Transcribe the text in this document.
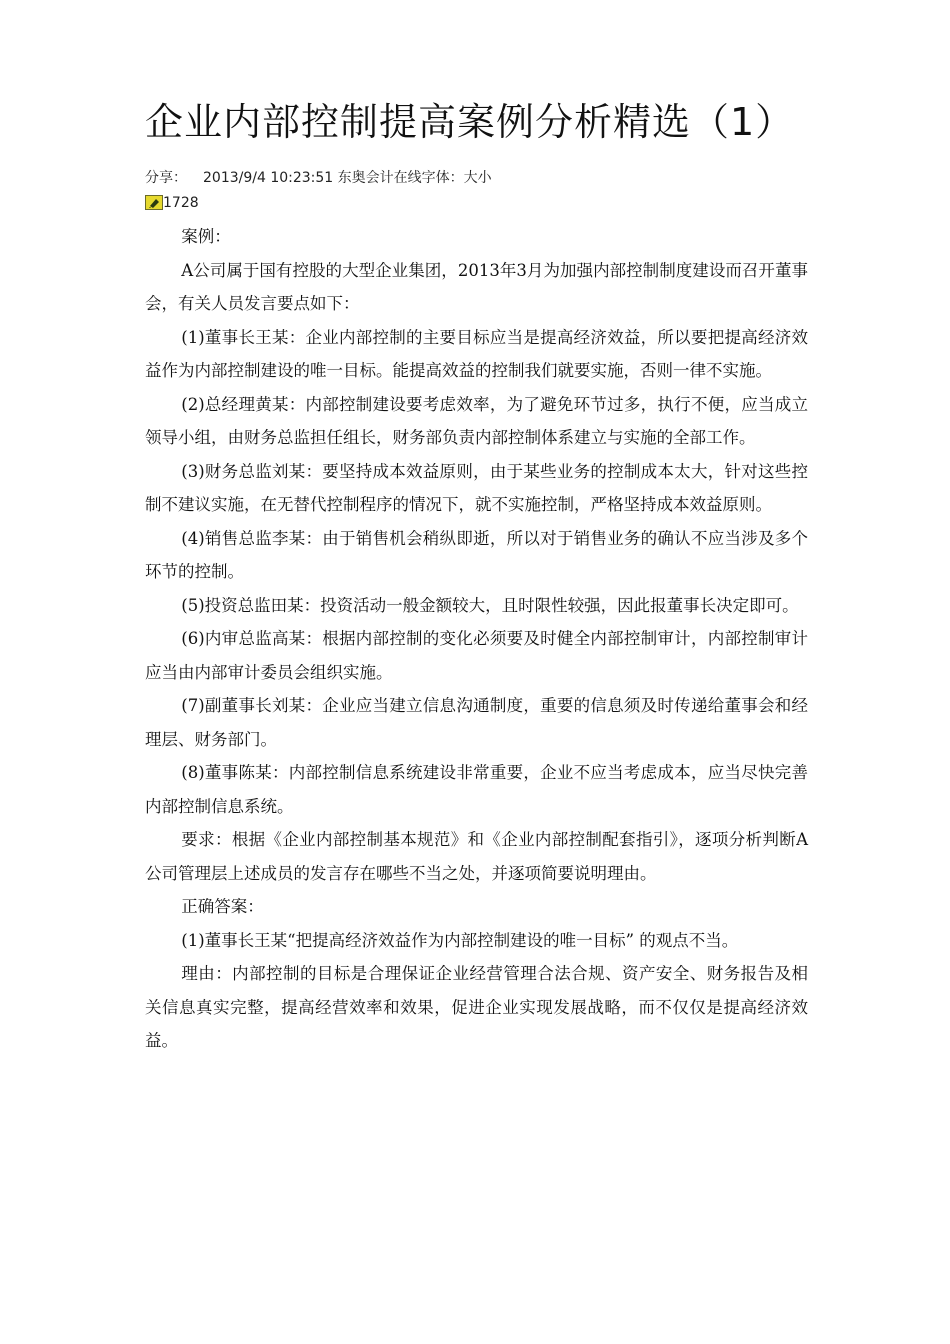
企业内部控制提高案例分析精选（1）
分享： 2013/9/4 10:23:51 东奥会计在线字体：大小
1728

案例：

A公司属于国有控股的大型企业集团，2013年3月为加强内部控制制度建设而召开董事会，有关人员发言要点如下：

(1)董事长王某：企业内部控制的主要目标应当是提高经济效益，所以要把提高经济效益作为内部控制建设的唯一目标。能提高效益的控制我们就要实施，否则一律不实施。

(2)总经理黄某：内部控制建设要考虑效率，为了避免环节过多，执行不便，应当成立领导小组，由财务总监担任组长，财务部负责内部控制体系建立与实施的全部工作。

(3)财务总监刘某：要坚持成本效益原则，由于某些业务的控制成本太大，针对这些控制不建议实施，在无替代控制程序的情况下，就不实施控制，严格坚持成本效益原则。

(4)销售总监李某：由于销售机会稍纵即逝，所以对于销售业务的确认不应当涉及多个环节的控制。

(5)投资总监田某：投资活动一般金额较大，且时限性较强，因此报董事长决定即可。

(6)内审总监高某：根据内部控制的变化必须要及时健全内部控制审计，内部控制审计应当由内部审计委员会组织实施。

(7)副董事长刘某：企业应当建立信息沟通制度，重要的信息须及时传递给董事会和经理层、财务部门。

(8)董事陈某：内部控制信息系统建设非常重要，企业不应当考虑成本，应当尽快完善内部控制信息系统。

要求：根据《企业内部控制基本规范》和《企业内部控制配套指引》，逐项分析判断A公司管理层上述成员的发言存在哪些不当之处，并逐项简要说明理由。

正确答案：

(1)董事长王某“把提高经济效益作为内部控制建设的唯一目标” 的观点不当。

理由：内部控制的目标是合理保证企业经营管理合法合规、资产安全、财务报告及相关信息真实完整，提高经营效率和效果，促进企业实现发展战略，而不仅仅是提高经济效益。
